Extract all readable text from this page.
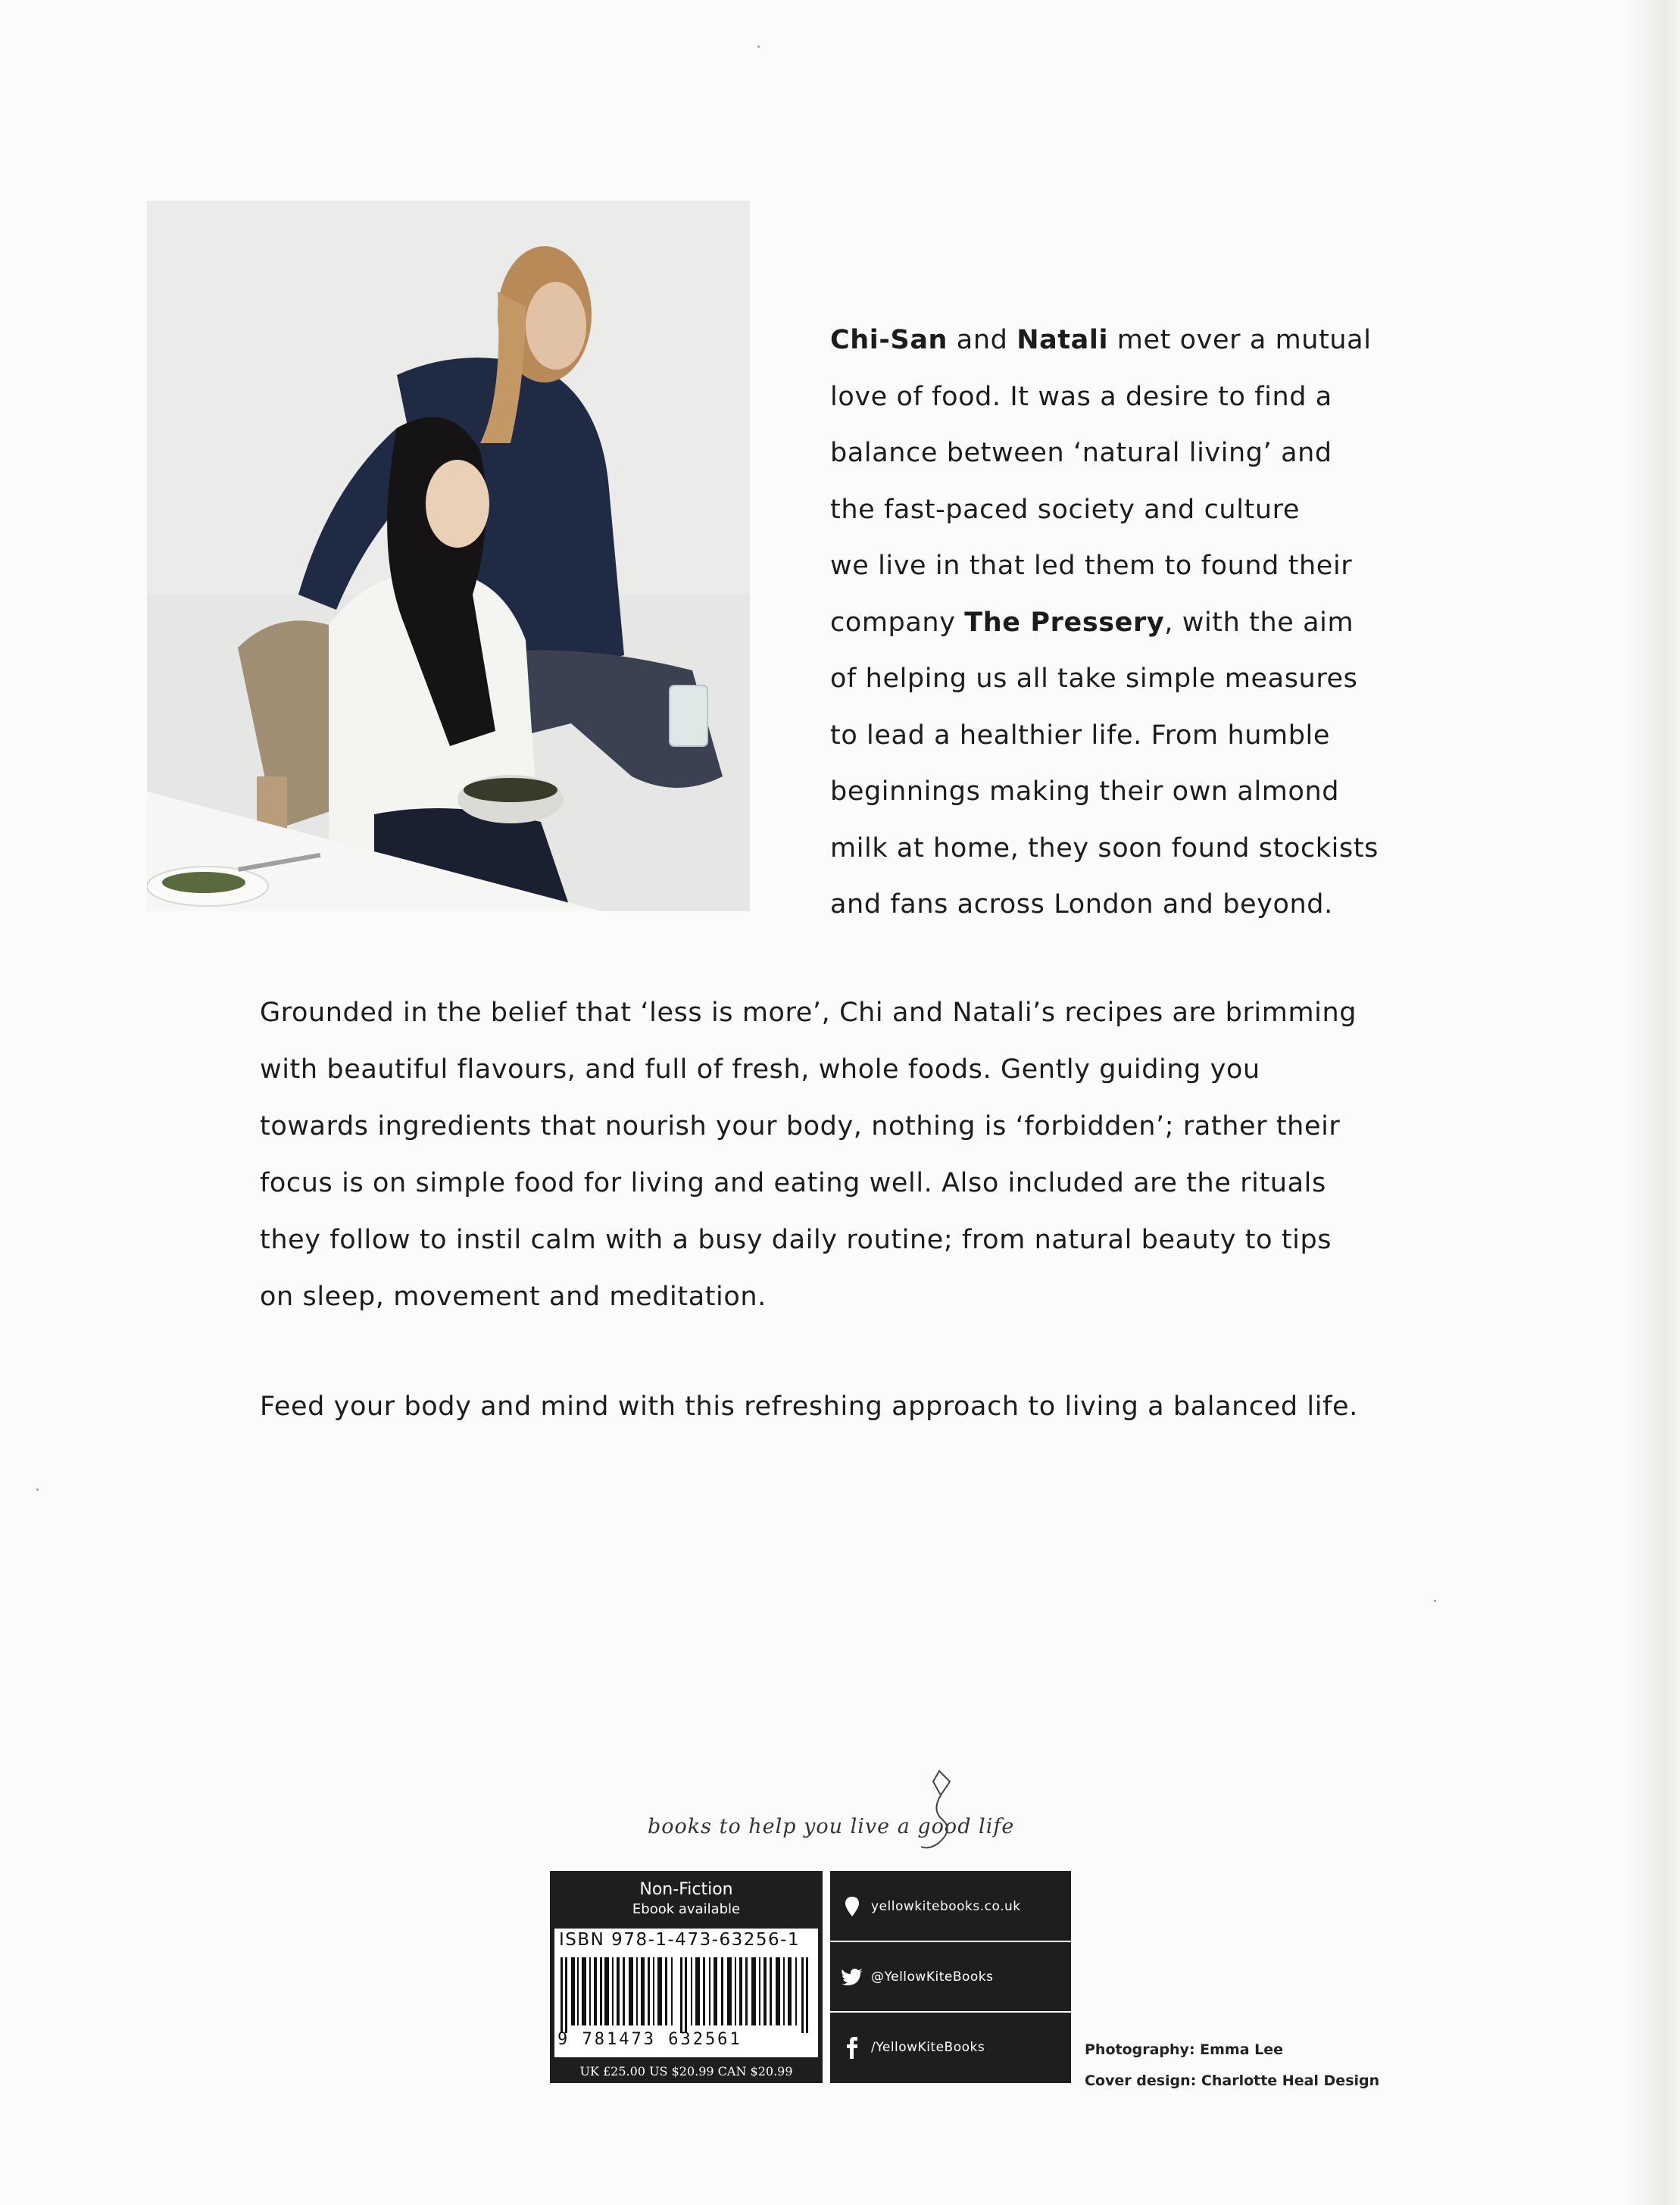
Chi-San and Natali met over a mutual
love of food. It was a desire to find a
balance between ‘natural living’ and
the fast-paced society and culture
we live in that led them to found their
company The Pressery, with the aim
of helping us all take simple measures
to lead a healthier life. From humble
beginnings making their own almond
milk at home, they soon found stockists
and fans across London and beyond.
Grounded in the belief that ‘less is more’, Chi and Natali’s recipes are brimming
with beautiful flavours, and full of fresh, whole foods. Gently guiding you
towards ingredients that nourish your body, nothing is ‘forbidden’; rather their
focus is on simple food for living and eating well. Also included are the rituals
they follow to instil calm with a busy daily routine; from natural beauty to tips
on sleep, movement and meditation.
Feed your body and mind with this refreshing approach to living a balanced life.
books to help you live a good life
Non-Fiction
Ebook available
ISBN 978-1-473-63256-1
9 781473 632561
UK £25.00 US $20.99 CAN $20.99
yellowkitebooks.co.uk
@YellowKiteBooks
/YellowKiteBooks	Photography: Emma Lee
Cover design: Charlotte Heal Design
